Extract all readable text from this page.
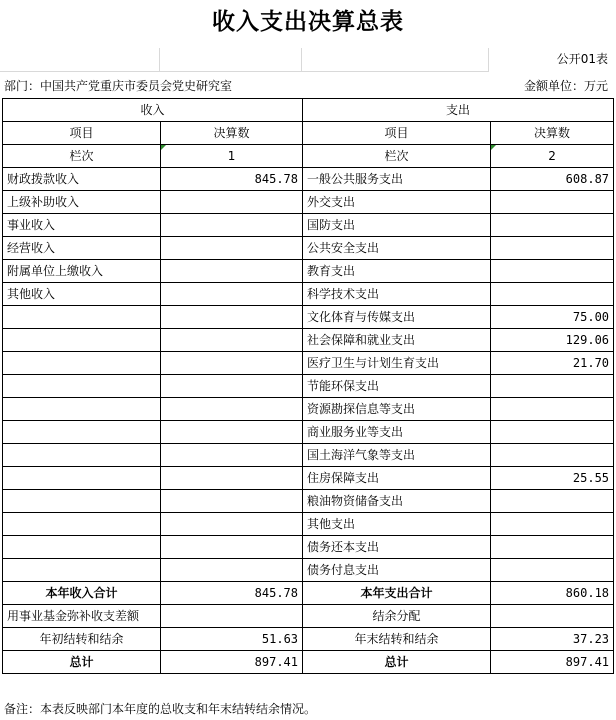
收入支出决算总表
公开01表
部门：中国共产党重庆市委员会党史研究室	金额单位：万元
收入		支出	
项目	决算数	项目	决算数
栏次	1	栏次	2
财政拨款收入	845.78	一般公共服务支出	608.87
上级补助收入		外交支出	
事业收入		国防支出	
经营收入		公共安全支出	
附属单位上缴收入		教育支出	
其他收入		科学技术支出	
		文化体育与传媒支出	75.00
		社会保障和就业支出	129.06
		医疗卫生与计划生育支出	21.70
		节能环保支出	
		资源勘探信息等支出	
		商业服务业等支出	
		国土海洋气象等支出	
		住房保障支出	25.55
		粮油物资储备支出	
		其他支出	
		债务还本支出	
		债务付息支出	
本年收入合计	845.78	本年支出合计	860.18
用事业基金弥补收支差额		结余分配	
年初结转和结余	51.63	年末结转和结余	37.23
总计	897.41	总计	897.41
备注：本表反映部门本年度的总收支和年末结转结余情况。
